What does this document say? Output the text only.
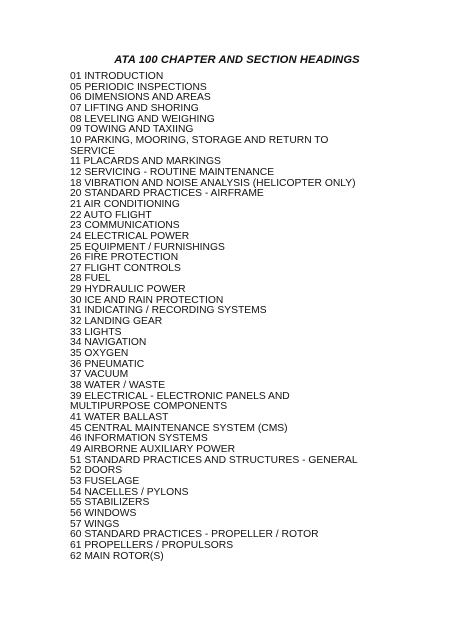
ATA 100 CHAPTER AND SECTION HEADINGS
01 INTRODUCTION
05 PERIODIC INSPECTIONS
06 DIMENSIONS AND AREAS
07 LIFTING AND SHORING
08 LEVELING AND WEIGHING
09 TOWING AND TAXIING
10 PARKING, MOORING, STORAGE AND RETURN TO SERVICE
11 PLACARDS AND MARKINGS
12 SERVICING - ROUTINE MAINTENANCE
18 VIBRATION AND NOISE ANALYSIS (HELICOPTER ONLY)
20 STANDARD PRACTICES - AIRFRAME
21 AIR CONDITIONING
22 AUTO FLIGHT
23 COMMUNICATIONS
24 ELECTRICAL POWER
25 EQUIPMENT / FURNISHINGS
26 FIRE PROTECTION
27 FLIGHT CONTROLS
28 FUEL
29 HYDRAULIC POWER
30 ICE AND RAIN PROTECTION
31 INDICATING / RECORDING SYSTEMS
32 LANDING GEAR
33 LIGHTS
34 NAVIGATION
35 OXYGEN
36 PNEUMATIC
37 VACUUM
38 WATER / WASTE
39 ELECTRICAL - ELECTRONIC PANELS AND MULTIPURPOSE COMPONENTS
41 WATER BALLAST
45 CENTRAL MAINTENANCE SYSTEM (CMS)
46 INFORMATION SYSTEMS
49 AIRBORNE AUXILIARY POWER
51 STANDARD PRACTICES AND STRUCTURES - GENERAL
52 DOORS
53 FUSELAGE
54 NACELLES / PYLONS
55 STABILIZERS
56 WINDOWS
57 WINGS
60 STANDARD PRACTICES - PROPELLER / ROTOR
61 PROPELLERS / PROPULSORS
62 MAIN ROTOR(S)
